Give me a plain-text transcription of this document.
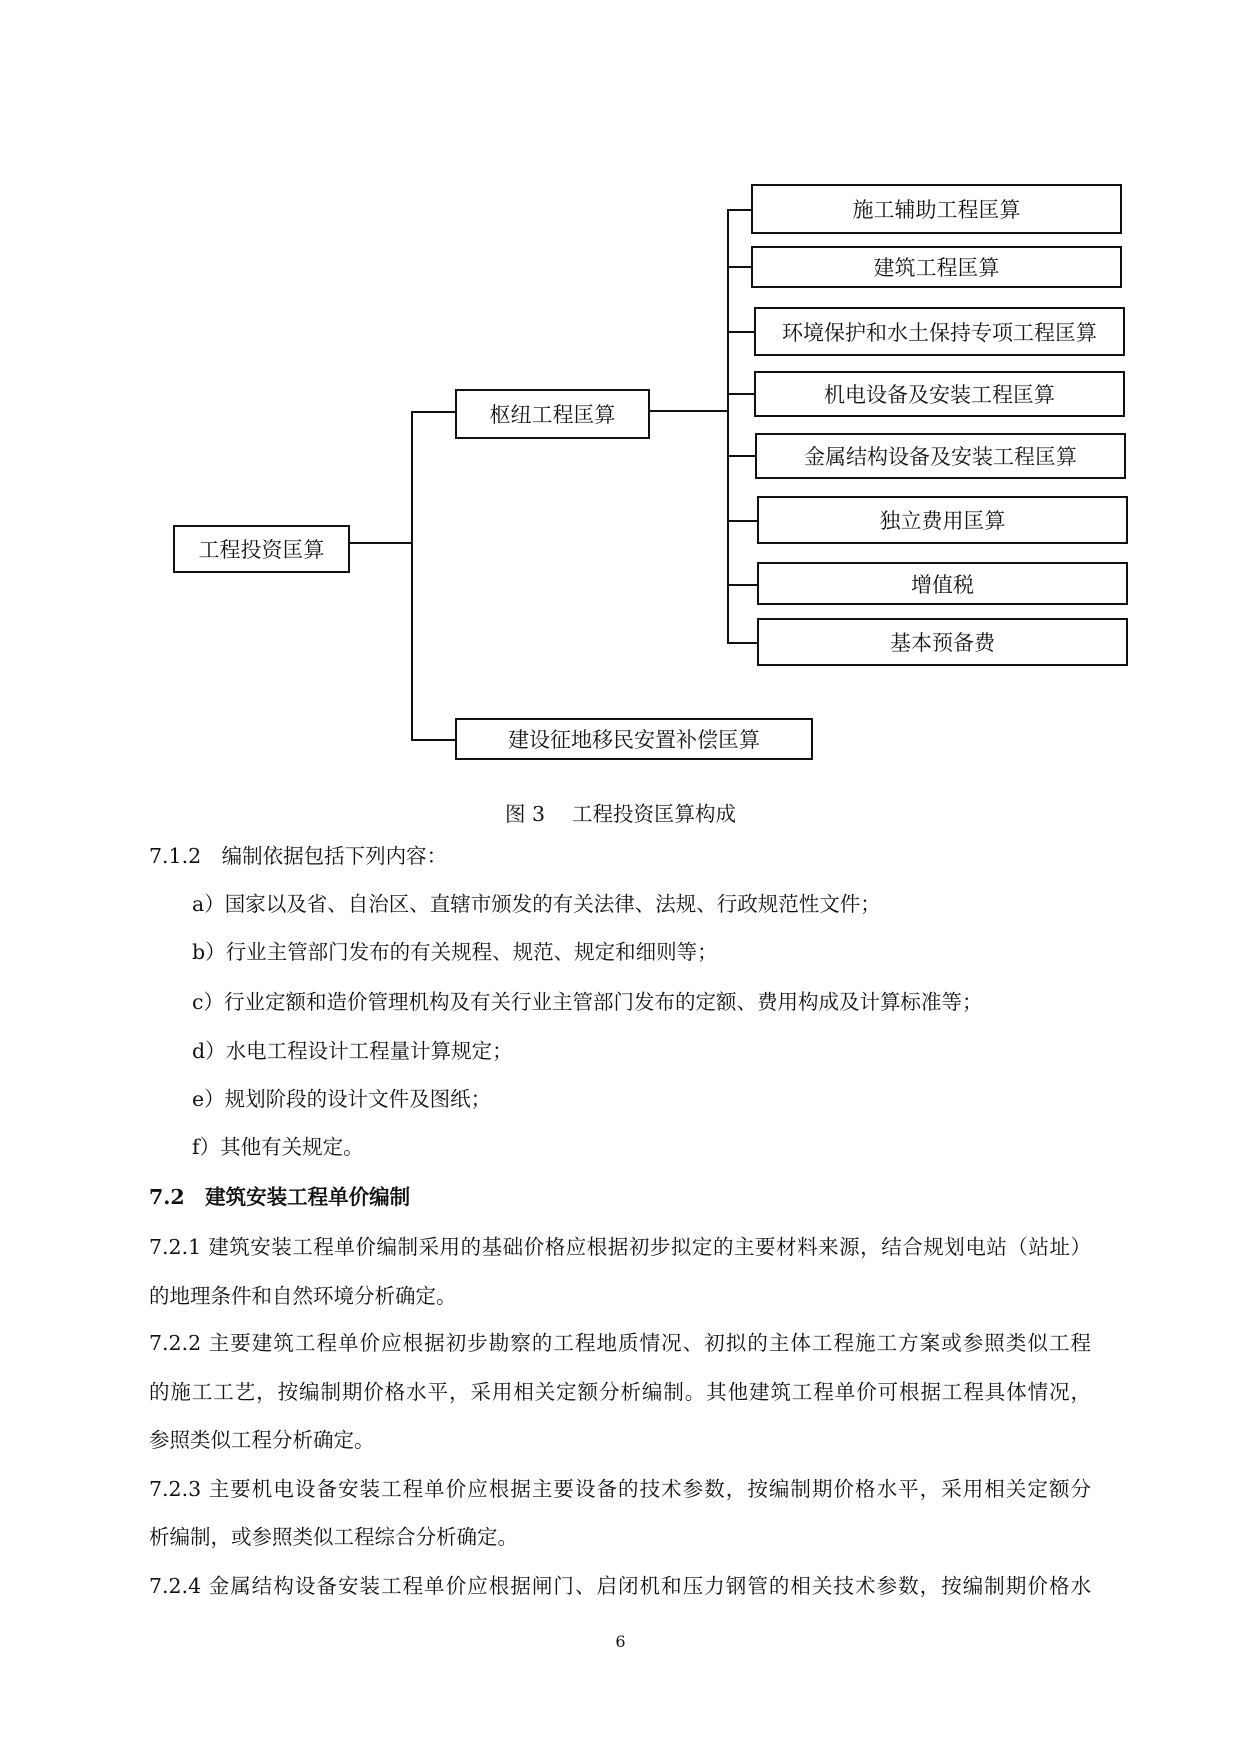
工程投资匡算
枢纽工程匡算
建设征地移民安置补偿匡算
施工辅助工程匡算
建筑工程匡算
环境保护和水土保持专项工程匡算
机电设备及安装工程匡算
金属结构设备及安装工程匡算
独立费用匡算
增值税
基本预备费
图 3　 工程投资匡算构成
7.1.2　编制依据包括下列内容：
a）国家以及省、自治区、直辖市颁发的有关法律、法规、行政规范性文件；
b）行业主管部门发布的有关规程、规范、规定和细则等；
c）行业定额和造价管理机构及有关行业主管部门发布的定额、费用构成及计算标准等；
d）水电工程设计工程量计算规定；
e）规划阶段的设计文件及图纸；
f）其他有关规定。
7.2　建筑安装工程单价编制
7.2.1 建筑安装工程单价编制采用的基础价格应根据初步拟定的主要材料来源，结合规划电站（站址）
的地理条件和自然环境分析确定。
7.2.2 主要建筑工程单价应根据初步勘察的工程地质情况、初拟的主体工程施工方案或参照类似工程
的施工工艺，按编制期价格水平，采用相关定额分析编制。其他建筑工程单价可根据工程具体情况，
参照类似工程分析确定。
7.2.3 主要机电设备安装工程单价应根据主要设备的技术参数，按编制期价格水平，采用相关定额分
析编制，或参照类似工程综合分析确定。
7.2.4 金属结构设备安装工程单价应根据闸门、启闭机和压力钢管的相关技术参数，按编制期价格水
6
